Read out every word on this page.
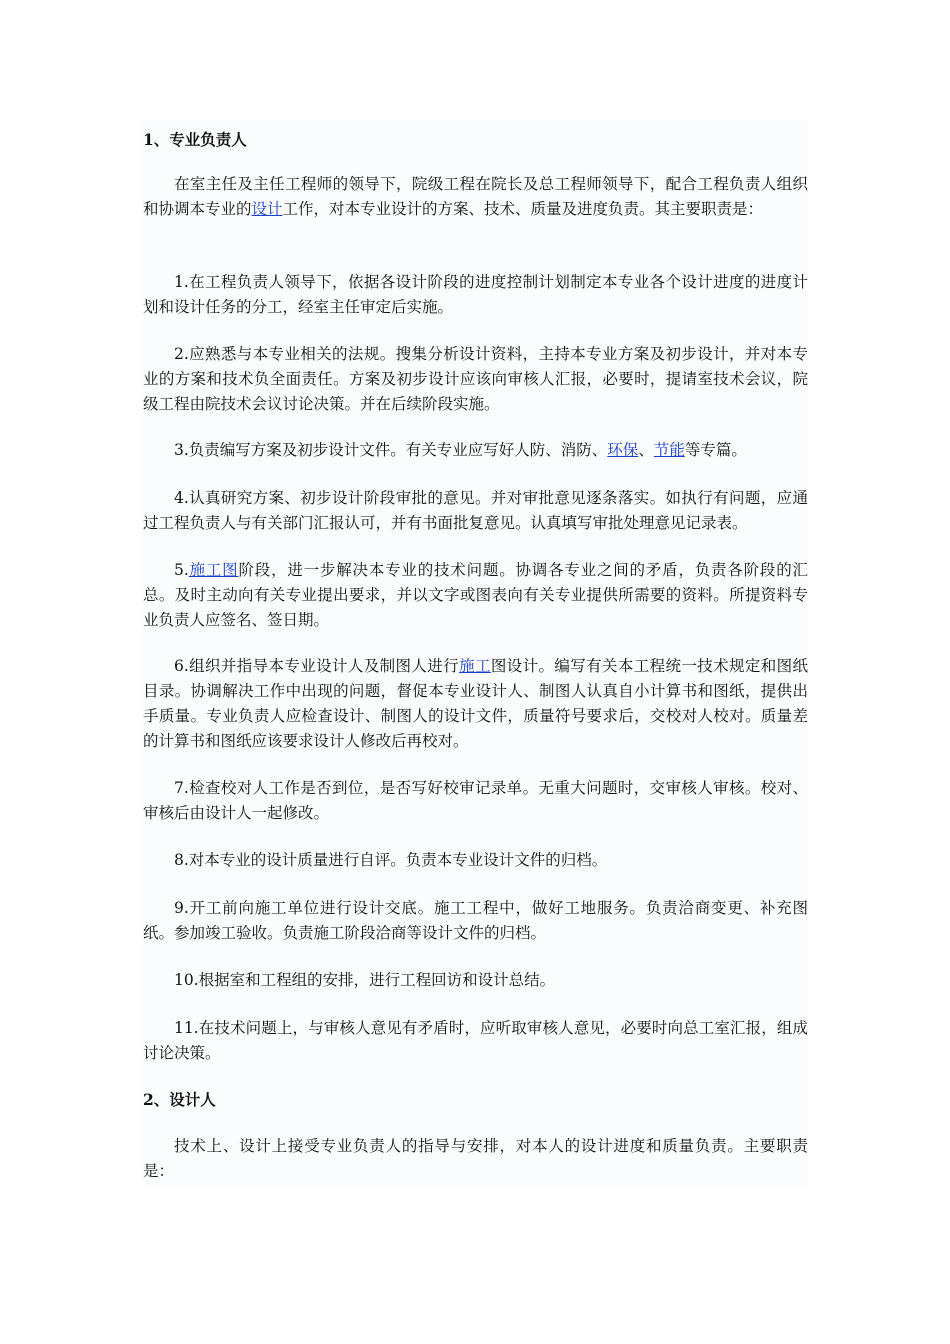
1、专业负责人

在室主任及主任工程师的领导下，院级工程在院长及总工程师领导下，配合工程负责人组织和协调本专业的设计工作，对本专业设计的方案、技术、质量及进度负责。其主要职责是：

1.在工程负责人领导下，依据各设计阶段的进度控制计划制定本专业各个设计进度的进度计划和设计任务的分工，经室主任审定后实施。

2.应熟悉与本专业相关的法规。搜集分析设计资料，主持本专业方案及初步设计，并对本专业的方案和技术负全面责任。方案及初步设计应该向审核人汇报，必要时，提请室技术会议，院级工程由院技术会议讨论决策。并在后续阶段实施。

3.负责编写方案及初步设计文件。有关专业应写好人防、消防、环保、节能等专篇。

4.认真研究方案、初步设计阶段审批的意见。并对审批意见逐条落实。如执行有问题，应通过工程负责人与有关部门汇报认可，并有书面批复意见。认真填写审批处理意见记录表。

5.施工图阶段，进一步解决本专业的技术问题。协调各专业之间的矛盾，负责各阶段的汇总。及时主动向有关专业提出要求，并以文字或图表向有关专业提供所需要的资料。所提资料专业负责人应签名、签日期。

6.组织并指导本专业设计人及制图人进行施工图设计。编写有关本工程统一技术规定和图纸目录。协调解决工作中出现的问题，督促本专业设计人、制图人认真自小计算书和图纸，提供出手质量。专业负责人应检查设计、制图人的设计文件，质量符号要求后，交校对人校对。质量差的计算书和图纸应该要求设计人修改后再校对。

7.检查校对人工作是否到位，是否写好校审记录单。无重大问题时，交审核人审核。校对、审核后由设计人一起修改。

8.对本专业的设计质量进行自评。负责本专业设计文件的归档。

9.开工前向施工单位进行设计交底。施工工程中，做好工地服务。负责洽商变更、补充图纸。参加竣工验收。负责施工阶段洽商等设计文件的归档。

10.根据室和工程组的安排，进行工程回访和设计总结。

11.在技术问题上，与审核人意见有矛盾时，应听取审核人意见，必要时向总工室汇报，组成讨论决策。

2、设计人

技术上、设计上接受专业负责人的指导与安排，对本人的设计进度和质量负责。主要职责是：
